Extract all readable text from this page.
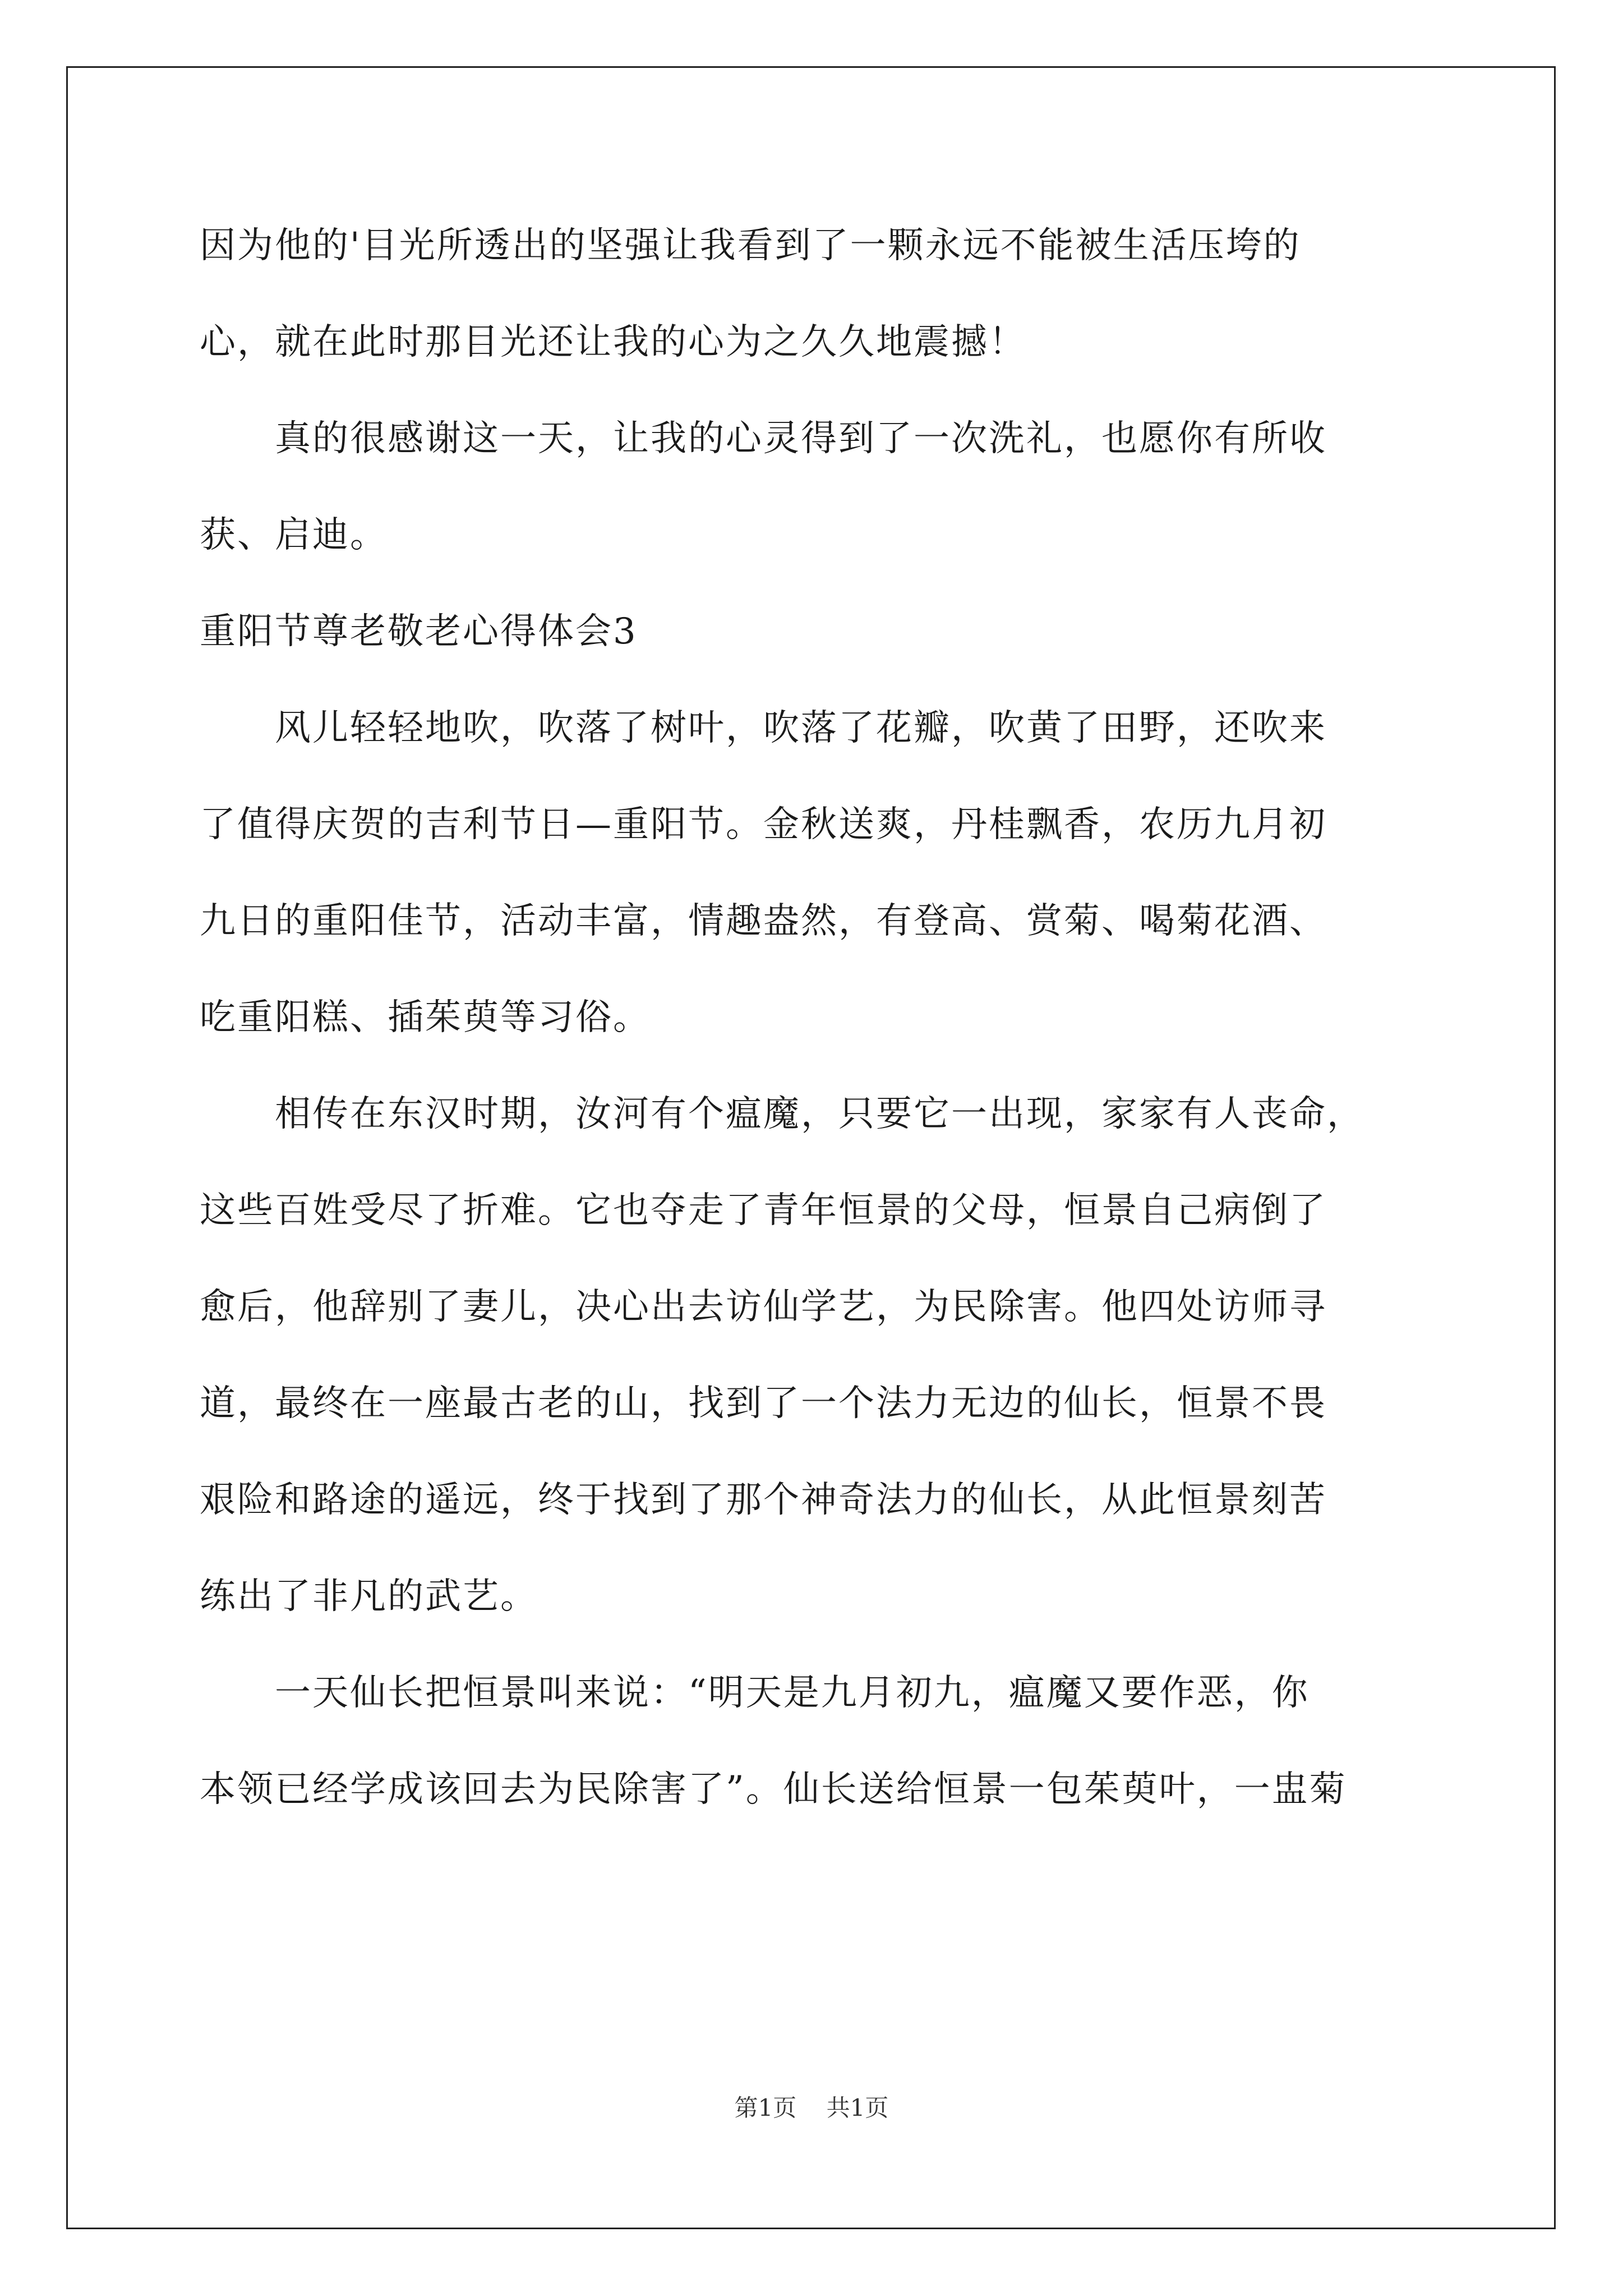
因为他的'目光所透出的坚强让我看到了一颗永远不能被生活压垮的
心，就在此时那目光还让我的心为之久久地震撼！
　　真的很感谢这一天，让我的心灵得到了一次洗礼，也愿你有所收
获、启迪。
重阳节尊老敬老心得体会3
　　风儿轻轻地吹，吹落了树叶，吹落了花瓣，吹黄了田野，还吹来
了值得庆贺的吉利节日—重阳节。金秋送爽，丹桂飘香，农历九月初
九日的重阳佳节，活动丰富，情趣盎然，有登高、赏菊、喝菊花酒、
吃重阳糕、插茱萸等习俗。
　　相传在东汉时期，汝河有个瘟魔，只要它一出现，家家有人丧命，
这些百姓受尽了折难。它也夺走了青年恒景的父母，恒景自己病倒了
愈后，他辞别了妻儿，决心出去访仙学艺，为民除害。他四处访师寻
道，最终在一座最古老的山，找到了一个法力无边的仙长，恒景不畏
艰险和路途的遥远，终于找到了那个神奇法力的仙长，从此恒景刻苦
练出了非凡的武艺。
　　一天仙长把恒景叫来说：“明天是九月初九，瘟魔又要作恶，你
本领已经学成该回去为民除害了”。仙长送给恒景一包茱萸叶，一盅菊
第1页 共1页
